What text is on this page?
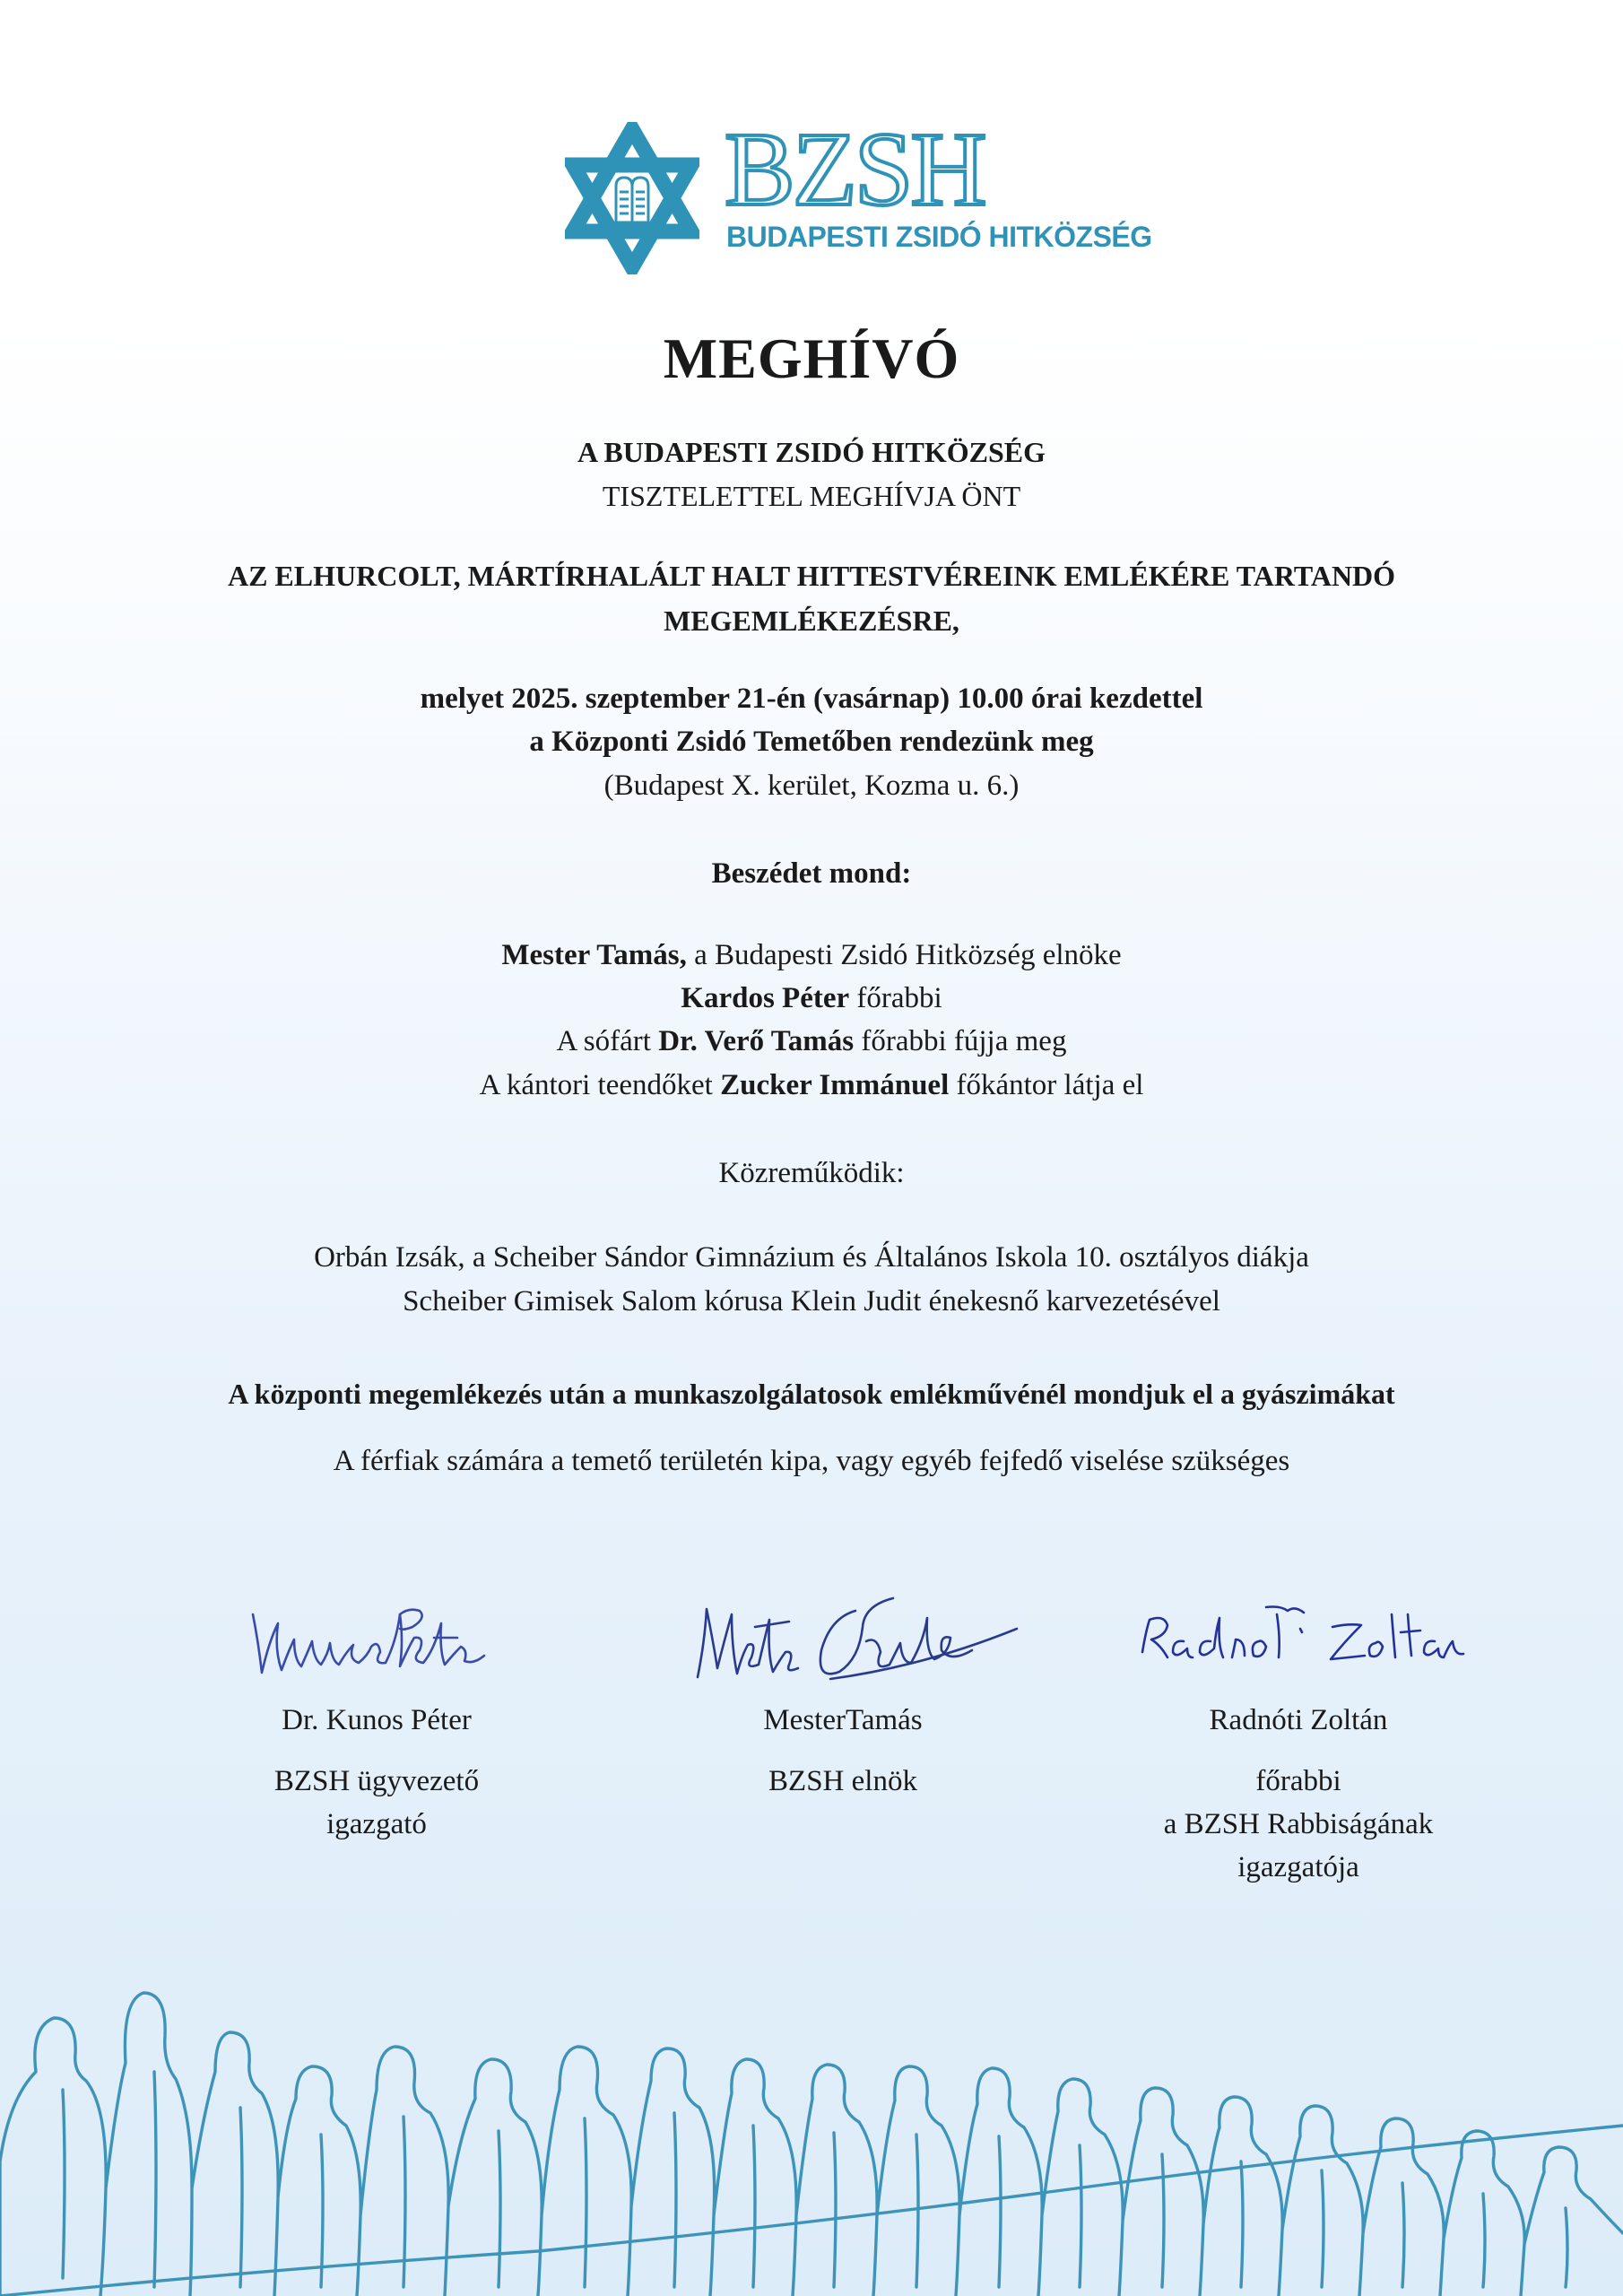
BZSH
BUDAPESTI ZSIDÓ HITKÖZSÉG
MEGHÍVÓ
A BUDAPESTI ZSIDÓ HITKÖZSÉG
TISZTELETTEL MEGHÍVJA ÖNT
AZ ELHURCOLT, MÁRTÍRHALÁLT HALT HITTESTVÉREINK EMLÉKÉRE TARTANDÓ
MEGEMLÉKEZÉSRE,
melyet 2025. szeptember 21-én (vasárnap) 10.00 órai kezdettel
a Központi Zsidó Temetőben rendezünk meg
(Budapest X. kerület, Kozma u. 6.)
Beszédet mond:
Mester Tamás, a Budapesti Zsidó Hitközség elnöke
Kardos Péter főrabbi
A sófárt Dr. Verő Tamás főrabbi fújja meg
A kántori teendőket Zucker Immánuel főkántor látja el
Közreműködik:
Orbán Izsák, a Scheiber Sándor Gimnázium és Általános Iskola 10. osztályos diákja
Scheiber Gimisek Salom kórusa Klein Judit énekesnő karvezetésével
A központi megemlékezés után a munkaszolgálatosok emlékművénél mondjuk el a gyászimákat
A férfiak számára a temető területén kipa, vagy egyéb fejfedő viselése szükséges
Dr. Kunos Péter
BZSH ügyvezető
igazgató
MesterTamás
BZSH elnök
Radnóti Zoltán
főrabbi
a BZSH Rabbiságának igazgatója
